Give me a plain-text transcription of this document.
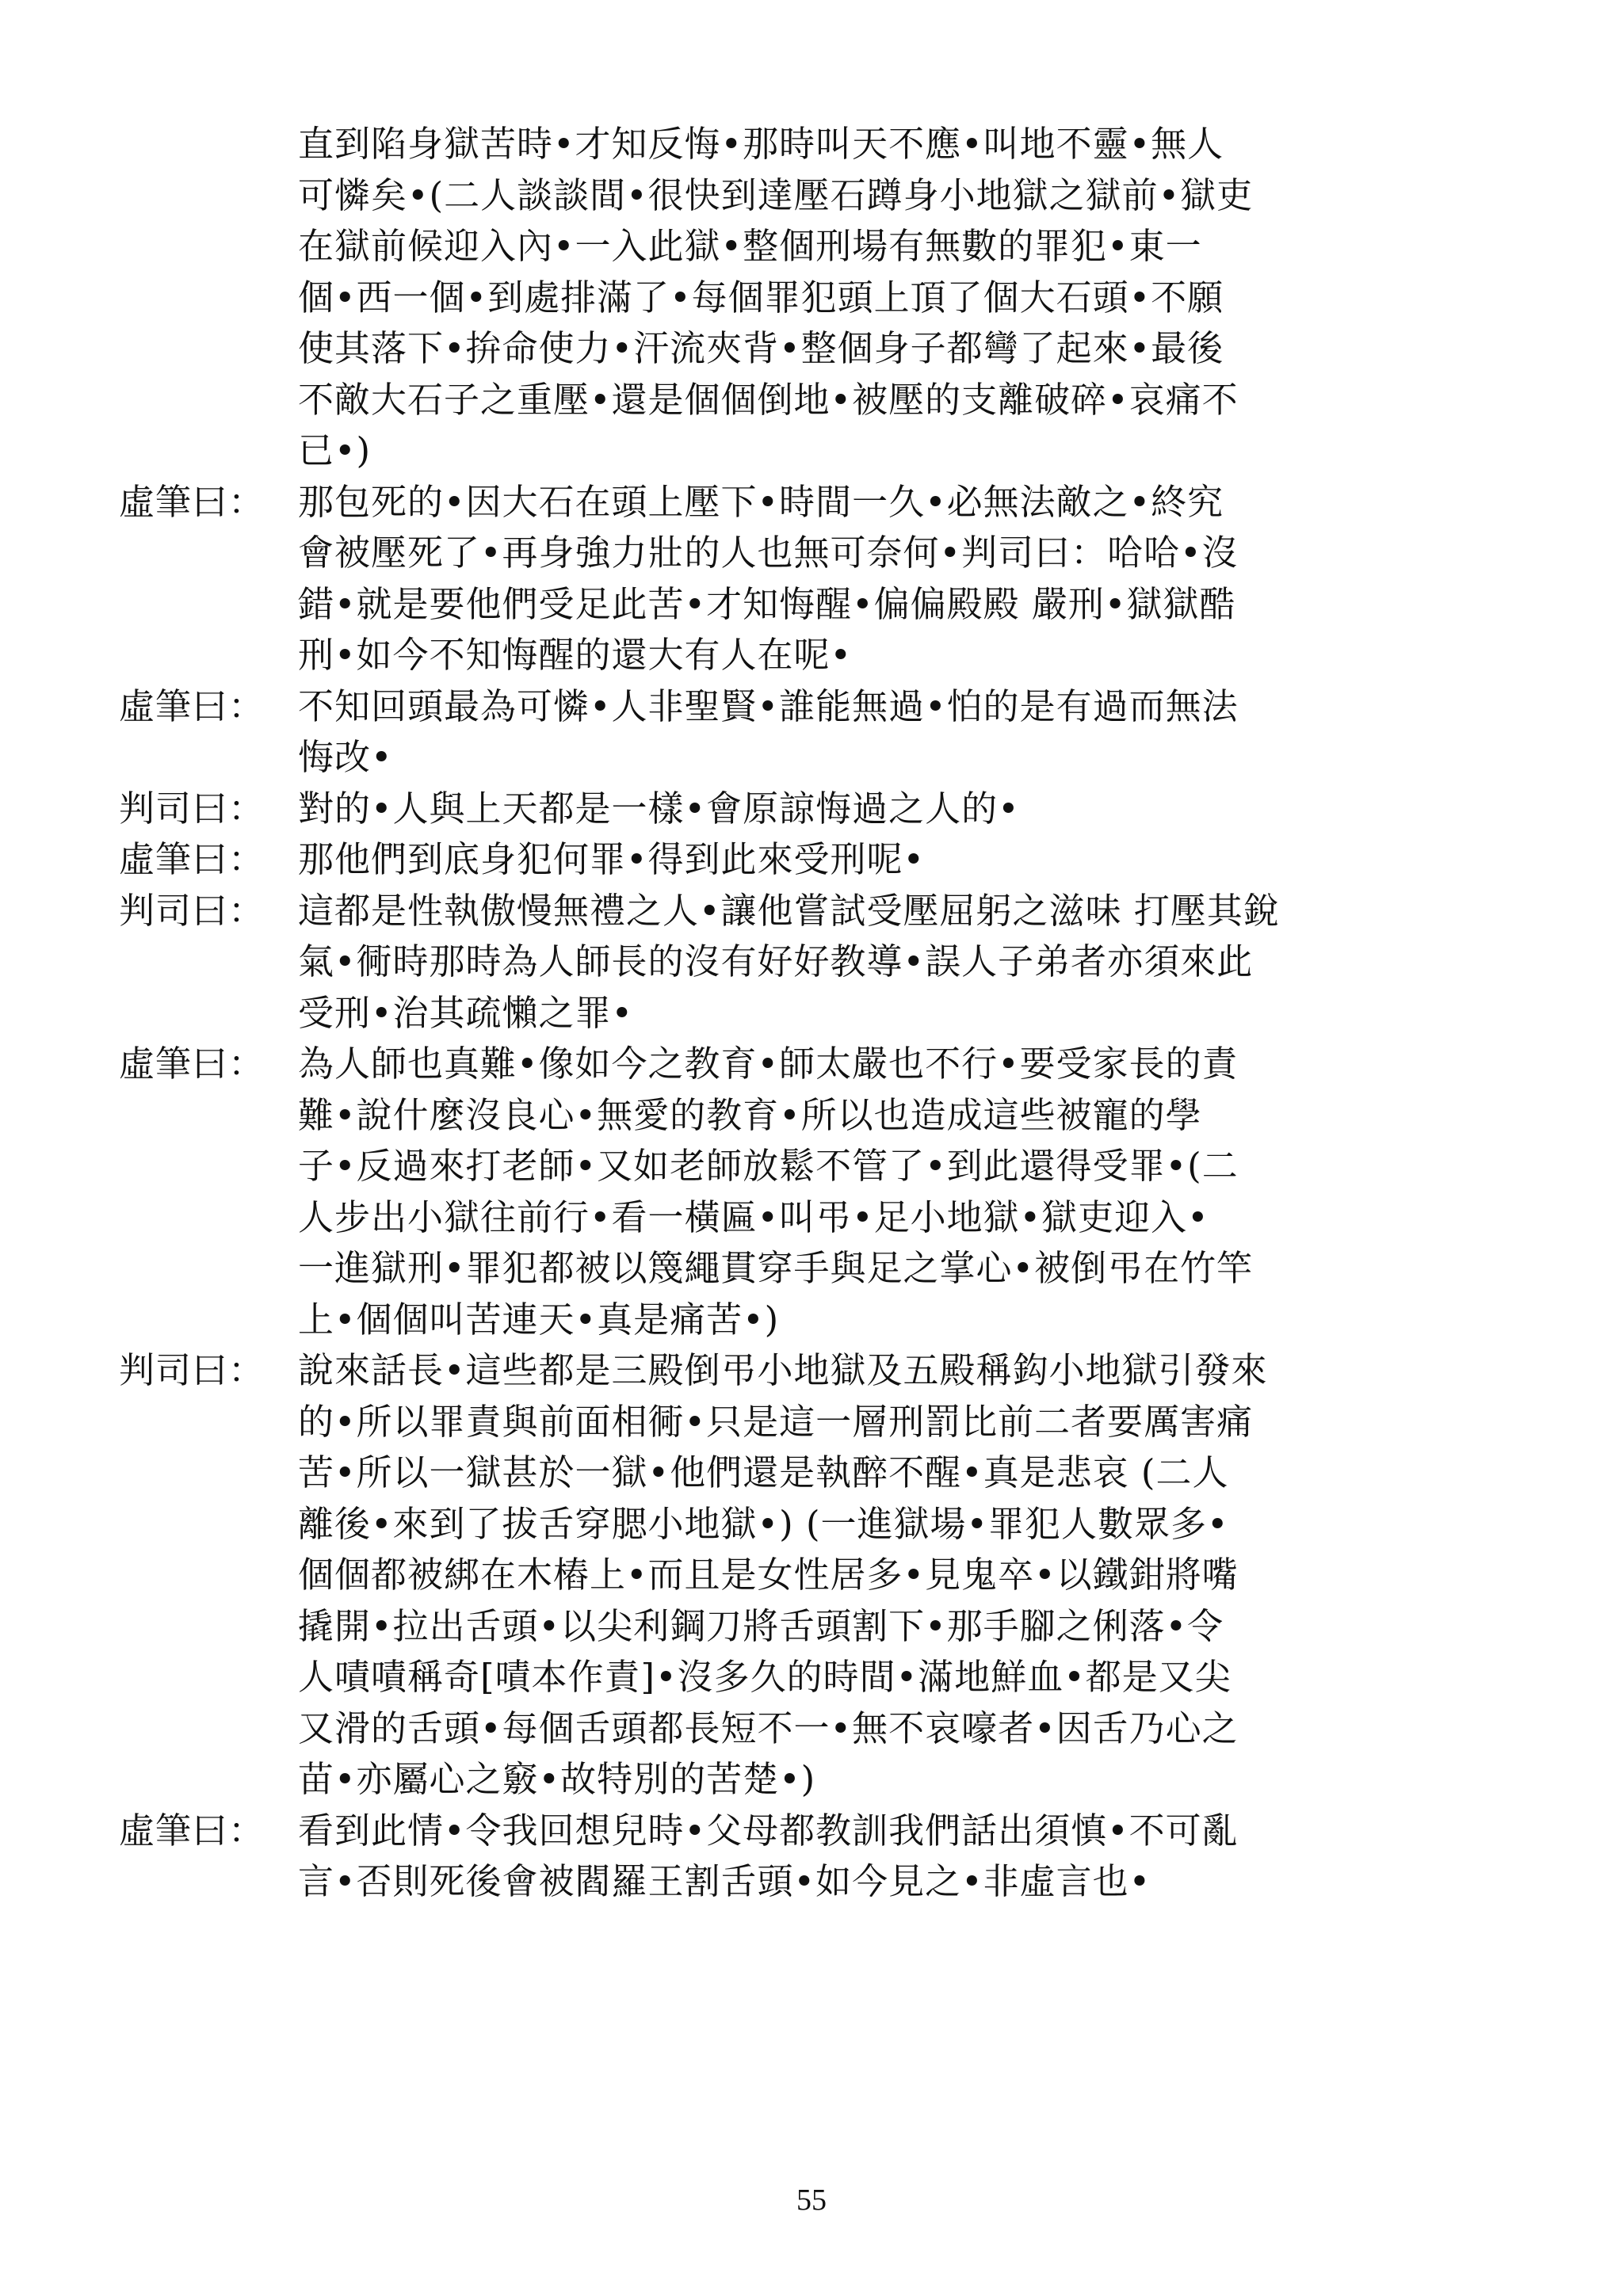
直到陷身獄苦時•才知反悔•那時叫天不應•叫地不靈•無人
可憐矣•(二人談談間•很快到達壓石蹲身小地獄之獄前•獄吏
在獄前候迎入內•一入此獄•整個刑場有無數的罪犯•東一
個•西一個•到處排滿了•每個罪犯頭上頂了個大石頭•不願
使其落下•拚命使力•汗流夾背•整個身子都彎了起來•最後
不敵大石子之重壓•還是個個倒地•被壓的支離破碎•哀痛不
已•)
虛筆曰： 那包死的•因大石在頭上壓下•時間一久•必無法敵之•終究
會被壓死了•再身強力壯的人也無可奈何•判司曰：哈哈•沒
錯•就是要他們受足此苦•才知悔醒•偏偏殿殿 嚴刑•獄獄酷
刑•如今不知悔醒的還大有人在呢•
虛筆曰： 不知回頭最為可憐•人非聖賢•誰能無過•怕的是有過而無法
悔改•
判司曰： 對的•人與上天都是一樣•會原諒悔過之人的•
虛筆曰： 那他們到底身犯何罪•得到此來受刑呢•
判司曰： 這都是性執傲慢無禮之人•讓他嘗試受壓屈躬之滋味 打壓其銳
氣•衕時那時為人師長的沒有好好教導•誤人子弟者亦須來此
受刑•治其疏懶之罪•
虛筆曰： 為人師也真難•像如今之教育•師太嚴也不行•要受家長的責
難•說什麼沒良心•無愛的教育•所以也造成這些被寵的學
子•反過來打老師•又如老師放鬆不管了•到此還得受罪•(二
人步出小獄往前行•看一橫匾•叫弔•足小地獄•獄吏迎入•
一進獄刑•罪犯都被以篾繩貫穿手與足之掌心•被倒弔在竹竿
上•個個叫苦連天•真是痛苦•)
判司曰： 說來話長•這些都是三殿倒弔小地獄及五殿稱鈎小地獄引發來
的•所以罪責與前面相衕•只是這一層刑罰比前二者要厲害痛
苦•所以一獄甚於一獄•他們還是執醉不醒•真是悲哀 (二人
離後•來到了拔舌穿腮小地獄•) (一進獄場•罪犯人數眾多•
個個都被綁在木樁上•而且是女性居多•見鬼卒•以鐵鉗將嘴
撬開•拉出舌頭•以尖利鋼刀將舌頭割下•那手腳之俐落•令
人嘖嘖稱奇[嘖本作責]•沒多久的時間•滿地鮮血•都是又尖
又滑的舌頭•每個舌頭都長短不一•無不哀嚎者•因舌乃心之
苗•亦屬心之竅•故特別的苦楚•)
虛筆曰： 看到此情•令我回想兒時•父母都教訓我們話出須慎•不可亂
言•否則死後會被閻羅王割舌頭•如今見之•非虛言也•
55
